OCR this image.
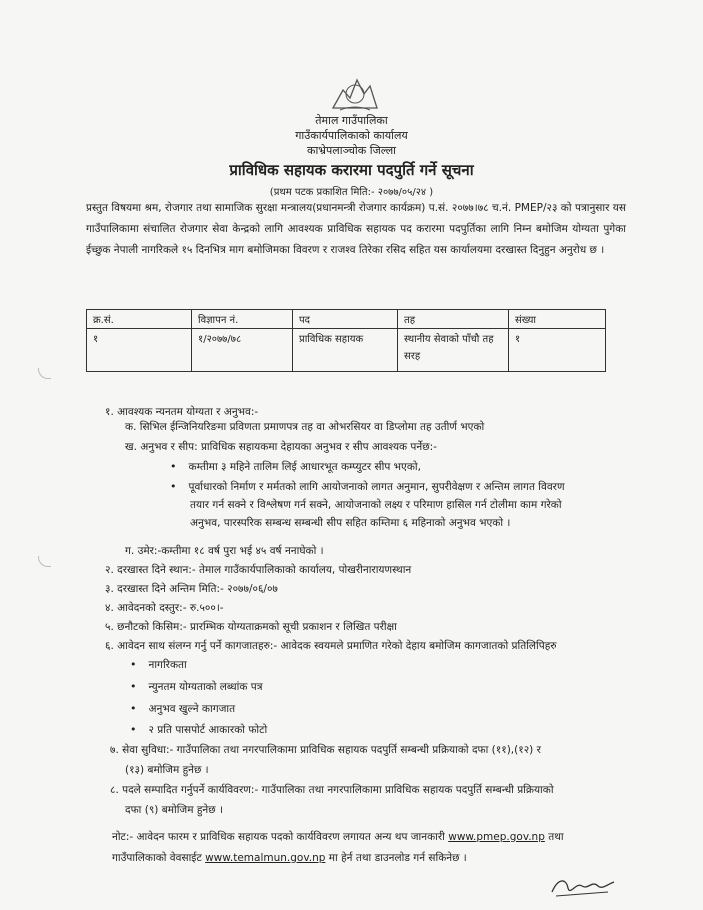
तेमाल गाउँपालिका
गाउँकार्यपालिकाको कार्यालय
काभ्रेपलाञ्चोक जिल्ला
प्राविधिक सहायक करारमा पदपुर्ति गर्ने सूचना
(प्रथम पटक प्रकाशित मिति:- २०७७/०५/२४ )
प्रस्तुत विषयमा श्रम, रोजगार तथा सामाजिक सुरक्षा मन्त्रालय(प्रधानमन्त्री रोजगार कार्यक्रम) प.सं. २०७७।७८ च.नं. PMEP/२३ को पत्रानुसार यस गाउँपालिकामा संचालित रोजगार सेवा केन्द्रको लागि आवश्यक प्राविधिक सहायक पद करारमा पदपुर्तिका लागि निम्न बमोजिम योग्यता पुगेका ईच्छुक नेपाली नागरिकले १५ दिनभित्र माग बमोजिमका विवरण र राजश्व तिरेका रसिद सहित यस कार्यालयमा दरखास्त दिनुहुन अनुरोध छ ।
क्र.सं.	विज्ञापन नं.	पद	तह	संख्या
१	१/२०७७/७८	प्राविधिक सहायक	स्थानीय सेवाको पाँचौ तह सरह	१
१. आवश्यक न्यनतम योग्यता र अनुभव:-
क. सिभिल ईन्जिनियरिङमा प्रविणता प्रमाणपत्र तह वा ओभरसियर वा डिप्लोमा तह उतीर्ण भएको
ख. अनुभव र सीप: प्राविधिक सहायकमा देहायका अनुभव र सीप आवश्यक पर्नेछ:-
• कम्तीमा ३ महिने तालिम लिई आधारभूत कम्प्युटर सीप भएको,
• पूर्वाधारको निर्माण र मर्मतको लागि आयोजनाको लागत अनुमान, सुपरीवेक्षण र अन्तिम लागत विवरण
तयार गर्न सक्ने र विश्लेषण गर्न सक्ने, आयोजनाको लक्ष्य र परिमाण हासिल गर्न टोलीमा काम गरेको
अनुभव, पारस्परिक सम्बन्ध सम्बन्धी सीप सहित कम्तिमा ६ महिनाको अनुभव भएको ।
ग. उमेर:-कम्तीमा १८ वर्ष पुरा भई ४५ वर्ष ननाघेको ।
२. दरखास्त दिने स्थान:- तेमाल गाउँकार्यपालिकाको कार्यालय, पोखरीनारायणस्थान
३. दरखास्त दिने अन्तिम मिति:- २०७७/०६/०७
४. आवेदनको दस्तुर:- रु.५००।-
५. छनौटको किसिम:- प्रारम्भिक योग्यताक्रमको सूची प्रकाशन र लिखित परीक्षा
६. आवेदन साथ संलग्न गर्नु पर्ने कागजातहरु:- आवेदक स्वयमले प्रमाणित गरेको देहाय बमोजिम कागजातको प्रतिलिपिहरु
• नागरिकता
• न्युनतम योग्यताको लब्धांक पत्र
• अनुभव खुल्ने कागजात
• २ प्रति पासपोर्ट आकारको फोटो
७. सेवा सुविधा:- गाउँपालिका तथा नगरपालिकामा प्राविधिक सहायक पदपुर्ति सम्बन्धी प्रक्रियाको दफा (११),(१२) र
(१३) बमोजिम हुनेछ ।
८. पदले सम्पादित गर्नुपर्ने कार्यविवरण:- गाउँपालिका तथा नगरपालिकामा प्राविधिक सहायक पदपुर्ति सम्बन्धी प्रक्रियाको
दफा (९) बमोजिम हुनेछ ।
नोट:- आवेदन फारम र प्राविधिक सहायक पदको कार्यविवरण लगायत अन्य थप जानकारी www.pmep.gov.np तथा
गाउँपालिकाको वेवसाईट www.temalmun.gov.np मा हेर्न तथा डाउनलोड गर्न सकिनेछ ।
